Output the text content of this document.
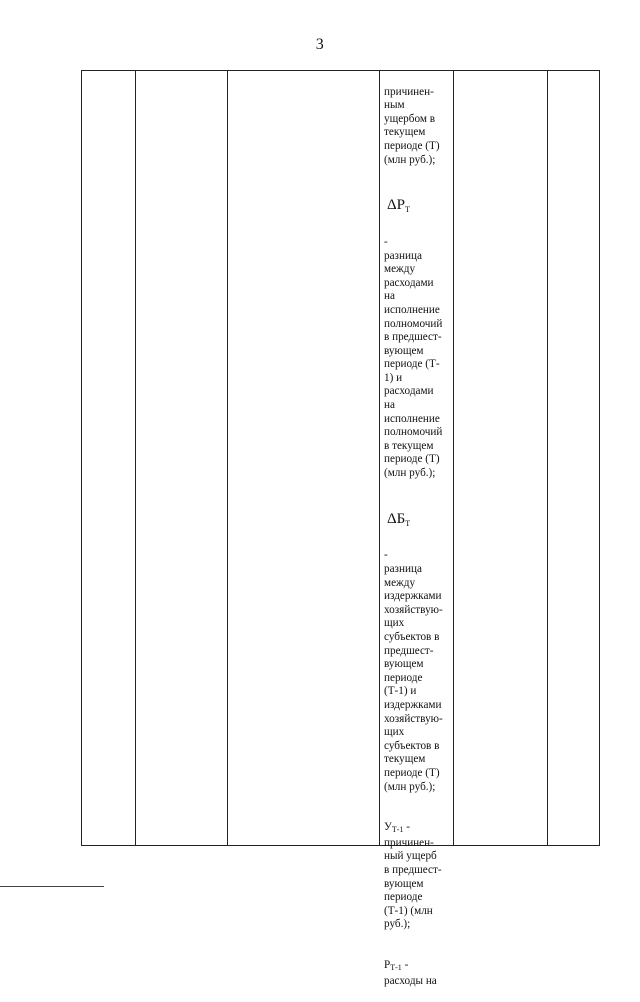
3

причинен-
ным
ущербом в
текущем
периоде (Т)
(млн руб.);

$\Delta Р_Т$

-
разница
между
расходами
на
исполнение
полномочий
в предшест-
вующем
периоде (Т-
1) и
расходами
на
исполнение
полномочий
в текущем
периоде (Т)
(млн руб.);

$\Delta Б_Т$

-
разница
между
издержками
хозяйствую-
щих
субъектов в
предшест-
вующем
периоде
(Т-1) и
издержками
хозяйствую-
щих
субъектов в
текущем
периоде (Т)
(млн руб.);

$У_{Т-1}$ -
причинен-
ный ущерб
в предшест-
вующем
периоде
(Т-1) (млн
руб.);

$Р_{Т-1}$ -
расходы на
